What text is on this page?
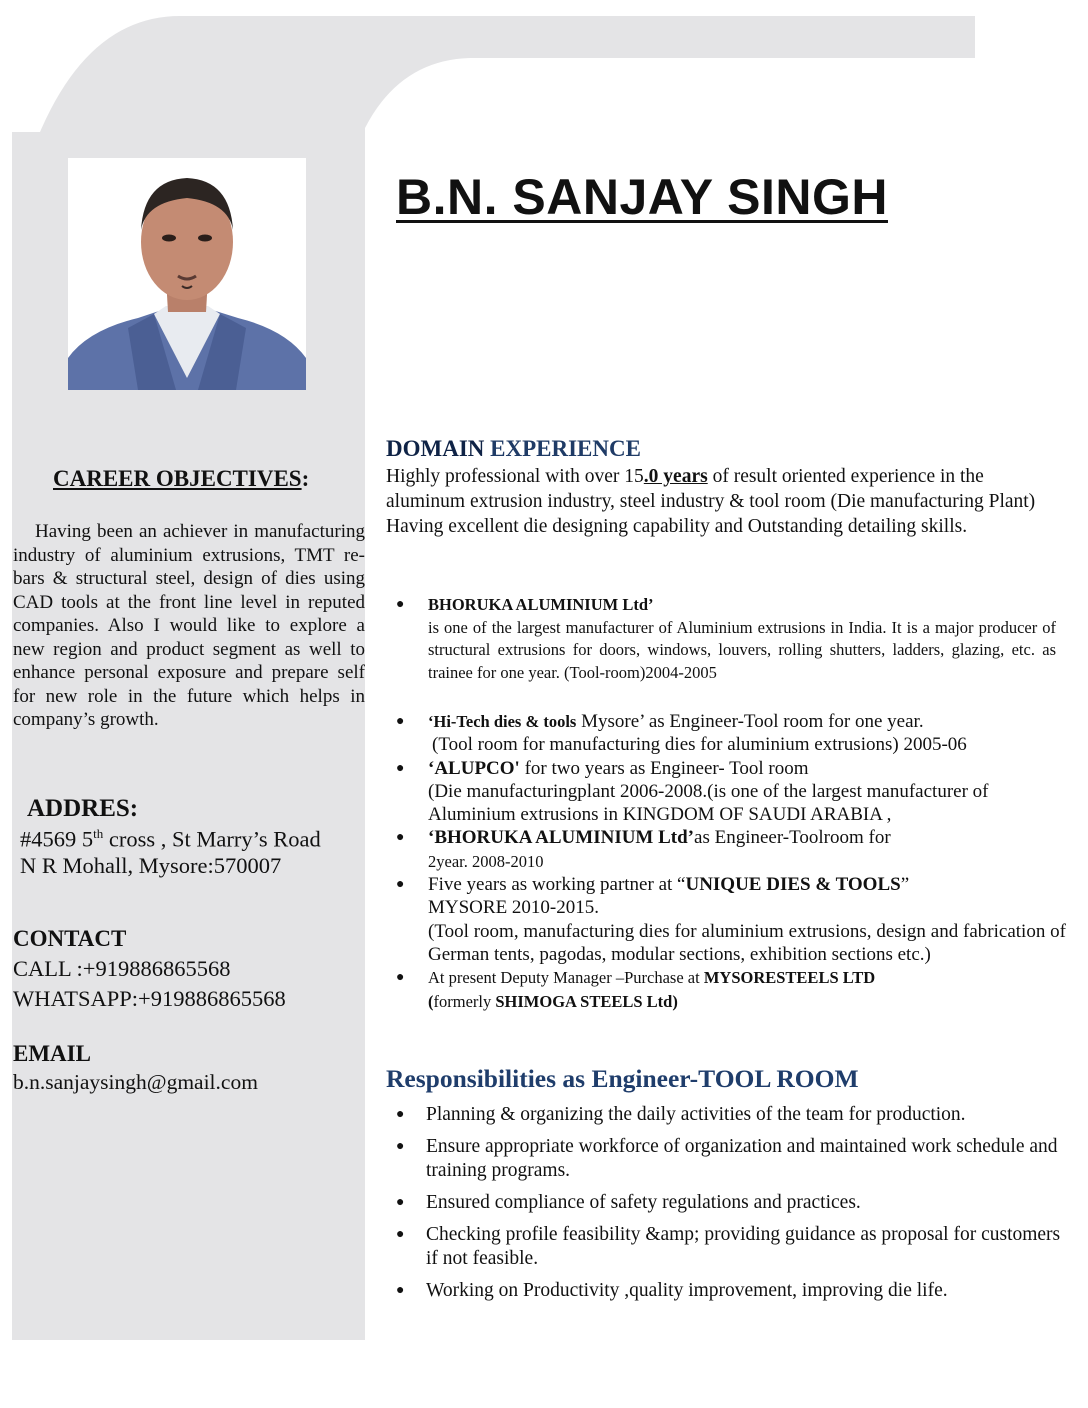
B.N. SANJAY SINGH
CAREER OBJECTIVES:

Having been an achiever in manufacturing industry of aluminium extrusions, TMT re-bars & structural steel, design of dies using CAD tools at the front line level in reputed companies. Also I would like to explore a new region and product segment as well to enhance personal exposure and prepare self for new role in the future which helps in company’s growth.

ADDRES:
#4569 5th cross , St Marry’s Road
N R Mohall, Mysore:570007
CONTACT
CALL :+919886865568
WHATSAPP:+919886865568
EMAIL
b.n.sanjaysingh@gmail.com
DOMAIN EXPERIENCE

Highly professional with over 15.0 years of result oriented experience in the aluminum extrusion industry, steel industry & tool room (Die manufacturing Plant) Having excellent die designing capability and Outstanding detailing skills.

● BHORUKA ALUMINIUM Ltd’
is one of the largest manufacturer of Aluminium extrusions in India. It is a major producer of structural extrusions for doors, windows, louvers, rolling shutters, ladders, glazing, etc. as trainee for one year. (Tool-room)2004-2005
● ‘Hi-Tech dies & tools Mysore’ as Engineer-Tool room for one year.
(Tool room for manufacturing dies for aluminium extrusions) 2005-06
● ‘ALUPCO' for two years as Engineer- Tool room
(Die manufacturingplant 2006-2008.(is one of the largest manufacturer of Aluminium extrusions in KINGDOM OF SAUDI ARABIA ,
● ‘BHORUKA ALUMINIUM Ltd’as Engineer-Toolroom for
2year. 2008-2010
● Five years as working partner at “UNIQUE DIES & TOOLS”
MYSORE 2010-2015.

(Tool room, manufacturing dies for aluminium extrusions, design and fabrication of German tents, pagodas, modular sections, exhibition sections etc.)
● At present Deputy Manager –Purchase at MYSORESTEELS LTD
(formerly SHIMOGA STEELS Ltd)
Responsibilities as Engineer-TOOL ROOM
● Planning & organizing the daily activities of the team for production.
● Ensure appropriate workforce of organization and maintained work schedule and training programs.
● Ensured compliance of safety regulations and practices.
● Checking profile feasibility &amp; providing guidance as proposal for customers if not feasible.
● Working on Productivity ,quality improvement, improving die life.
